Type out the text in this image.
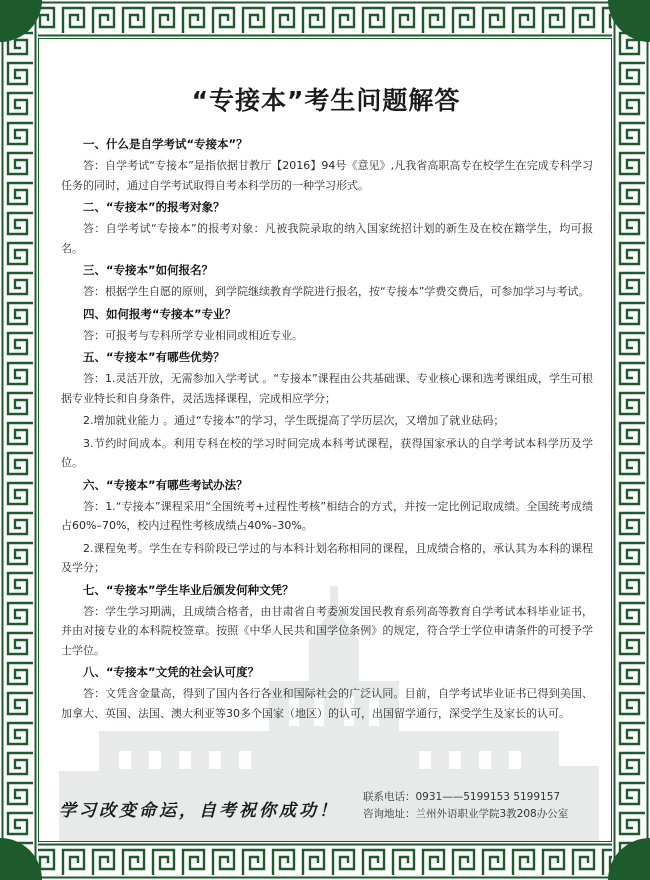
“专接本”考生问题解答
一、什么是自学考试“专接本”？

答：自学考试“专接本”是指依据甘教厅【2016】94号《意见》,凡我省高职高专在校学生在完成专科学习任务的同时，通过自学考试取得自考本科学历的一种学习形式。

二、“专接本”的报考对象？

答：自学考试“专接本”的报考对象：凡被我院录取的纳入国家统招计划的新生及在校在籍学生，均可报名。

三、“专接本”如何报名？

答：根据学生自愿的原则，到学院继续教育学院进行报名，按“专接本”学费交费后，可参加学习与考试。

四、如何报考“专接本”专业？

答：可报考与专科所学专业相同或相近专业。

五、“专接本”有哪些优势？

答：1.灵活开放，无需参加入学考试 。“专接本”课程由公共基础课、专业核心课和选考课组成，学生可根据专业特长和自身条件，灵活选择课程，完成相应学分；

2.增加就业能力 。通过“专接本”的学习，学生既提高了学历层次，又增加了就业砝码；

3.节约时间成本。利用专科在校的学习时间完成本科考试课程，获得国家承认的自学考试本科学历及学位。

六、“专接本”有哪些考试办法？

答：1.“专接本”课程采用“全国统考+过程性考核”相结合的方式，并按一定比例记取成绩。全国统考成绩占60%–70%，校内过程性考核成绩占40%–30%。

2.课程免考。学生在专科阶段已学过的与本科计划名称相同的课程，且成绩合格的，承认其为本科的课程及学分；

七、“专接本”学生毕业后颁发何种文凭？

答：学生学习期满，且成绩合格者，由甘肃省自考委颁发国民教育系列高等教育自学考试本科毕业证书，并由对接专业的本科院校签章。按照《中华人民共和国学位条例》的规定，符合学士学位申请条件的可授予学士学位。

八、“专接本”文凭的社会认可度？

答：文凭含金量高，得到了国内各行各业和国际社会的广泛认同。目前，自学考试毕业证书已得到美国、加拿大、英国、法国、澳大利亚等30多个国家（地区）的认可，出国留学通行，深受学生及家长的认可。

学习改变命运，自考祝你成功！
联系电话：0931——5199153 5199157
咨询地址：兰州外语职业学院3教208办公室
